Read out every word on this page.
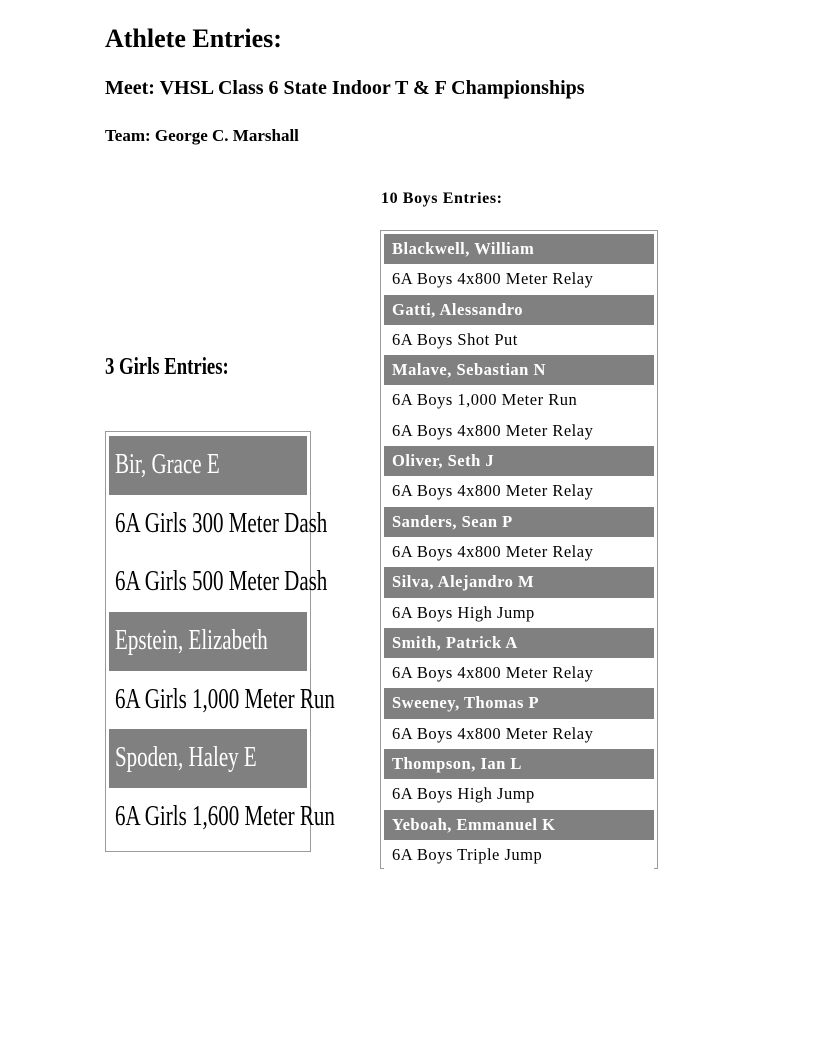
Athlete Entries:
Meet: VHSL Class 6 State Indoor T & F Championships
Team: George C. Marshall
10 Boys Entries:
Blackwell, William
6A Boys 4x800 Meter Relay
Gatti, Alessandro
6A Boys Shot Put
Malave, Sebastian N
6A Boys 1,000 Meter Run
6A Boys 4x800 Meter Relay
Oliver, Seth J
6A Boys 4x800 Meter Relay
Sanders, Sean P
6A Boys 4x800 Meter Relay
Silva, Alejandro M
6A Boys High Jump
Smith, Patrick A
6A Boys 4x800 Meter Relay
Sweeney, Thomas P
6A Boys 4x800 Meter Relay
Thompson, Ian L
6A Boys High Jump
Yeboah, Emmanuel K
6A Boys Triple Jump
3 Girls Entries:
Bir, Grace E
6A Girls 300 Meter Dash
6A Girls 500 Meter Dash
Epstein, Elizabeth
6A Girls 1,000 Meter Run
Spoden, Haley E
6A Girls 1,600 Meter Run
